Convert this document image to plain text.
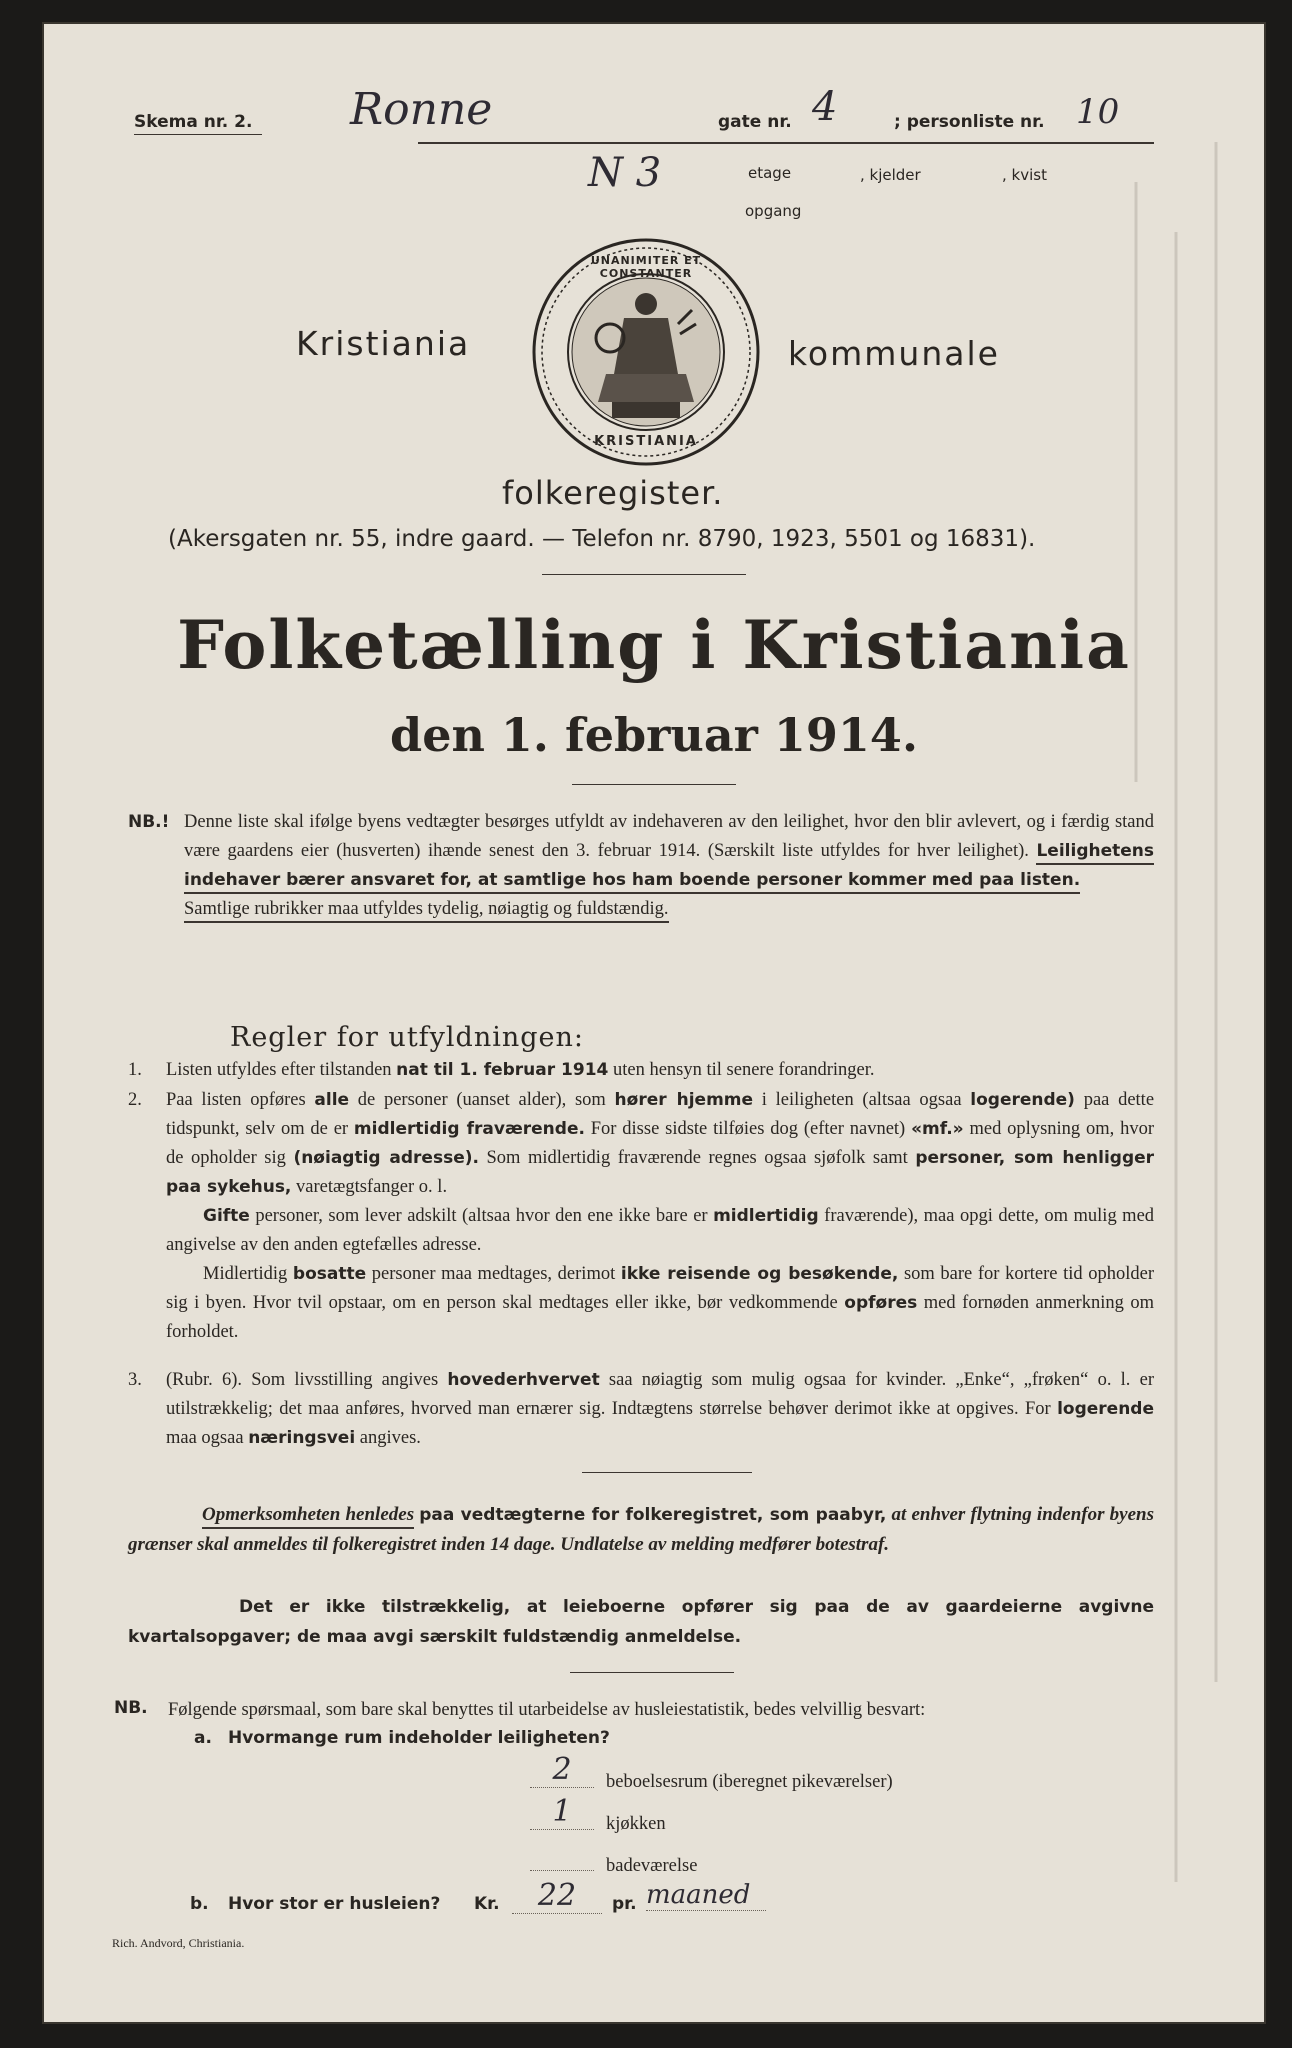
Skema nr. 2. Ronne	gate nr. 4	; personliste nr. 10
N 3	etage
opgang
, kjelder	, kvist
Kristiania
UNANIMITER ET CONSTANTER
KRISTIANIA
kommunale
folkeregister.
(Akersgaten nr. 55, indre gaard. — Telefon nr. 8790, 1923, 5501 og 16831).
Folketælling i Kristiania
den 1. februar 1914.
NB.! Denne liste skal ifølge byens vedtægter besørges utfyldt av indehaveren av den leilighet, hvor den blir avlevert, og i færdig stand være gaardens eier (husverten) ihænde senest den 3. februar 1914. (Særskilt liste utfyldes for hver leilighet). Leilighetens indehaver bærer ansvaret for, at samtlige hos ham boende personer kommer med paa listen.
Samtlige rubrikker maa utfyldes tydelig, nøiagtig og fuldstændig.
Regler for utfyldningen:
1. Listen utfyldes efter tilstanden nat til 1. februar 1914 uten hensyn til senere forandringer.
2. Paa listen opføres alle de personer (uanset alder), som hører hjemme i leiligheten (altsaa ogsaa logerende) paa dette tidspunkt, selv om de er midlertidig fraværende. For disse sidste tilføies dog (efter navnet) «mf.» med oplysning om, hvor de opholder sig (nøiagtig adresse). Som midlertidig fraværende regnes ogsaa sjøfolk samt personer, som henligger paa sykehus, varetægtsfanger o. l.
  Gifte personer, som lever adskilt (altsaa hvor den ene ikke bare er midlertidig fraværende), maa opgi dette, om mulig med angivelse av den anden egtefælles adresse.
  Midlertidig bosatte personer maa medtages, derimot ikke reisende og besøkende, som bare for kortere tid opholder sig i byen. Hvor tvil opstaar, om en person skal medtages eller ikke, bør vedkommende opføres med fornøden anmerkning om forholdet.
3. (Rubr. 6). Som livsstilling angives hovederhvervet saa nøiagtig som mulig ogsaa for kvinder. „Enke“, „frøken“ o. l. er utilstrækkelig; det maa anføres, hvorved man ernærer sig. Indtægtens størrelse behøver derimot ikke at opgives. For logerende maa ogsaa næringsvei angives.
    Opmerksomheten henledes paa vedtægterne for folkeregistret, som paabyr, at enhver flytning indenfor byens grænser skal anmeldes til folkeregistret inden 14 dage. Undlatelse av melding medfører botestraf.
      Det er ikke tilstrækkelig, at leieboerne opfører sig paa de av gaardeierne avgivne kvartalsopgaver; de maa avgi særskilt fuldstændig anmeldelse.
NB. Følgende spørsmaal, som bare skal benyttes til utarbeidelse av husleiestatistik, bedes velvillig besvart:
a. Hvormange rum indeholder leiligheten?
2	beboelsesrum (iberegnet pikeværelser)
1	kjøkken
badeværelse
b. Hvor stor er husleien? Kr.	22	pr. maaned
Rich. Andvord, Christiania.
